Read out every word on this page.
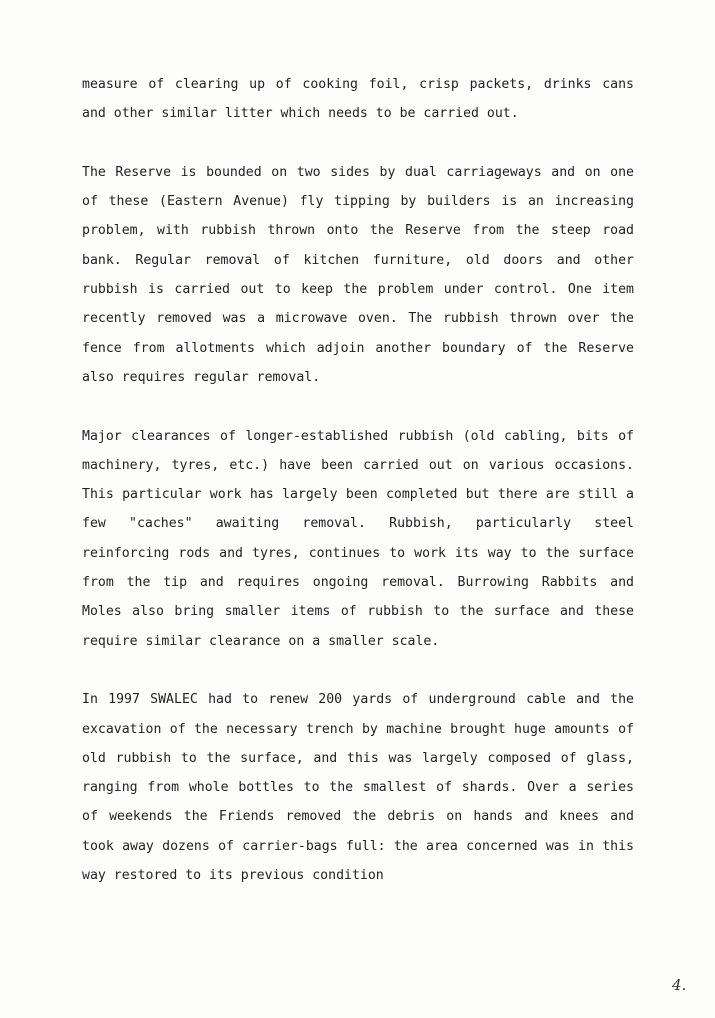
measure of clearing up of cooking foil, crisp packets, drinks cans and other similar litter which needs to be carried out.

The Reserve is bounded on two sides by dual carriageways and on one of these (Eastern Avenue) fly tipping by builders is an increasing problem, with rubbish thrown onto the Reserve from the steep road bank. Regular removal of kitchen furniture, old doors and other rubbish is carried out to keep the problem under control. One item recently removed was a microwave oven. The rubbish thrown over the fence from allotments which adjoin another boundary of the Reserve also requires regular removal.

Major clearances of longer-established rubbish (old cabling, bits of machinery, tyres, etc.) have been carried out on various occasions. This particular work has largely been completed but there are still a few "caches" awaiting removal. Rubbish, particularly steel reinforcing rods and tyres, continues to work its way to the surface from the tip and requires ongoing removal. Burrowing Rabbits and Moles also bring smaller items of rubbish to the surface and these require similar clearance on a smaller scale.

In 1997 SWALEC had to renew 200 yards of underground cable and the excavation of the necessary trench by machine brought huge amounts of old rubbish to the surface, and this was largely composed of glass, ranging from whole bottles to the smallest of shards. Over a series of weekends the Friends removed the debris on hands and knees and took away dozens of carrier-bags full: the area concerned was in this way restored to its previous condition

4.
